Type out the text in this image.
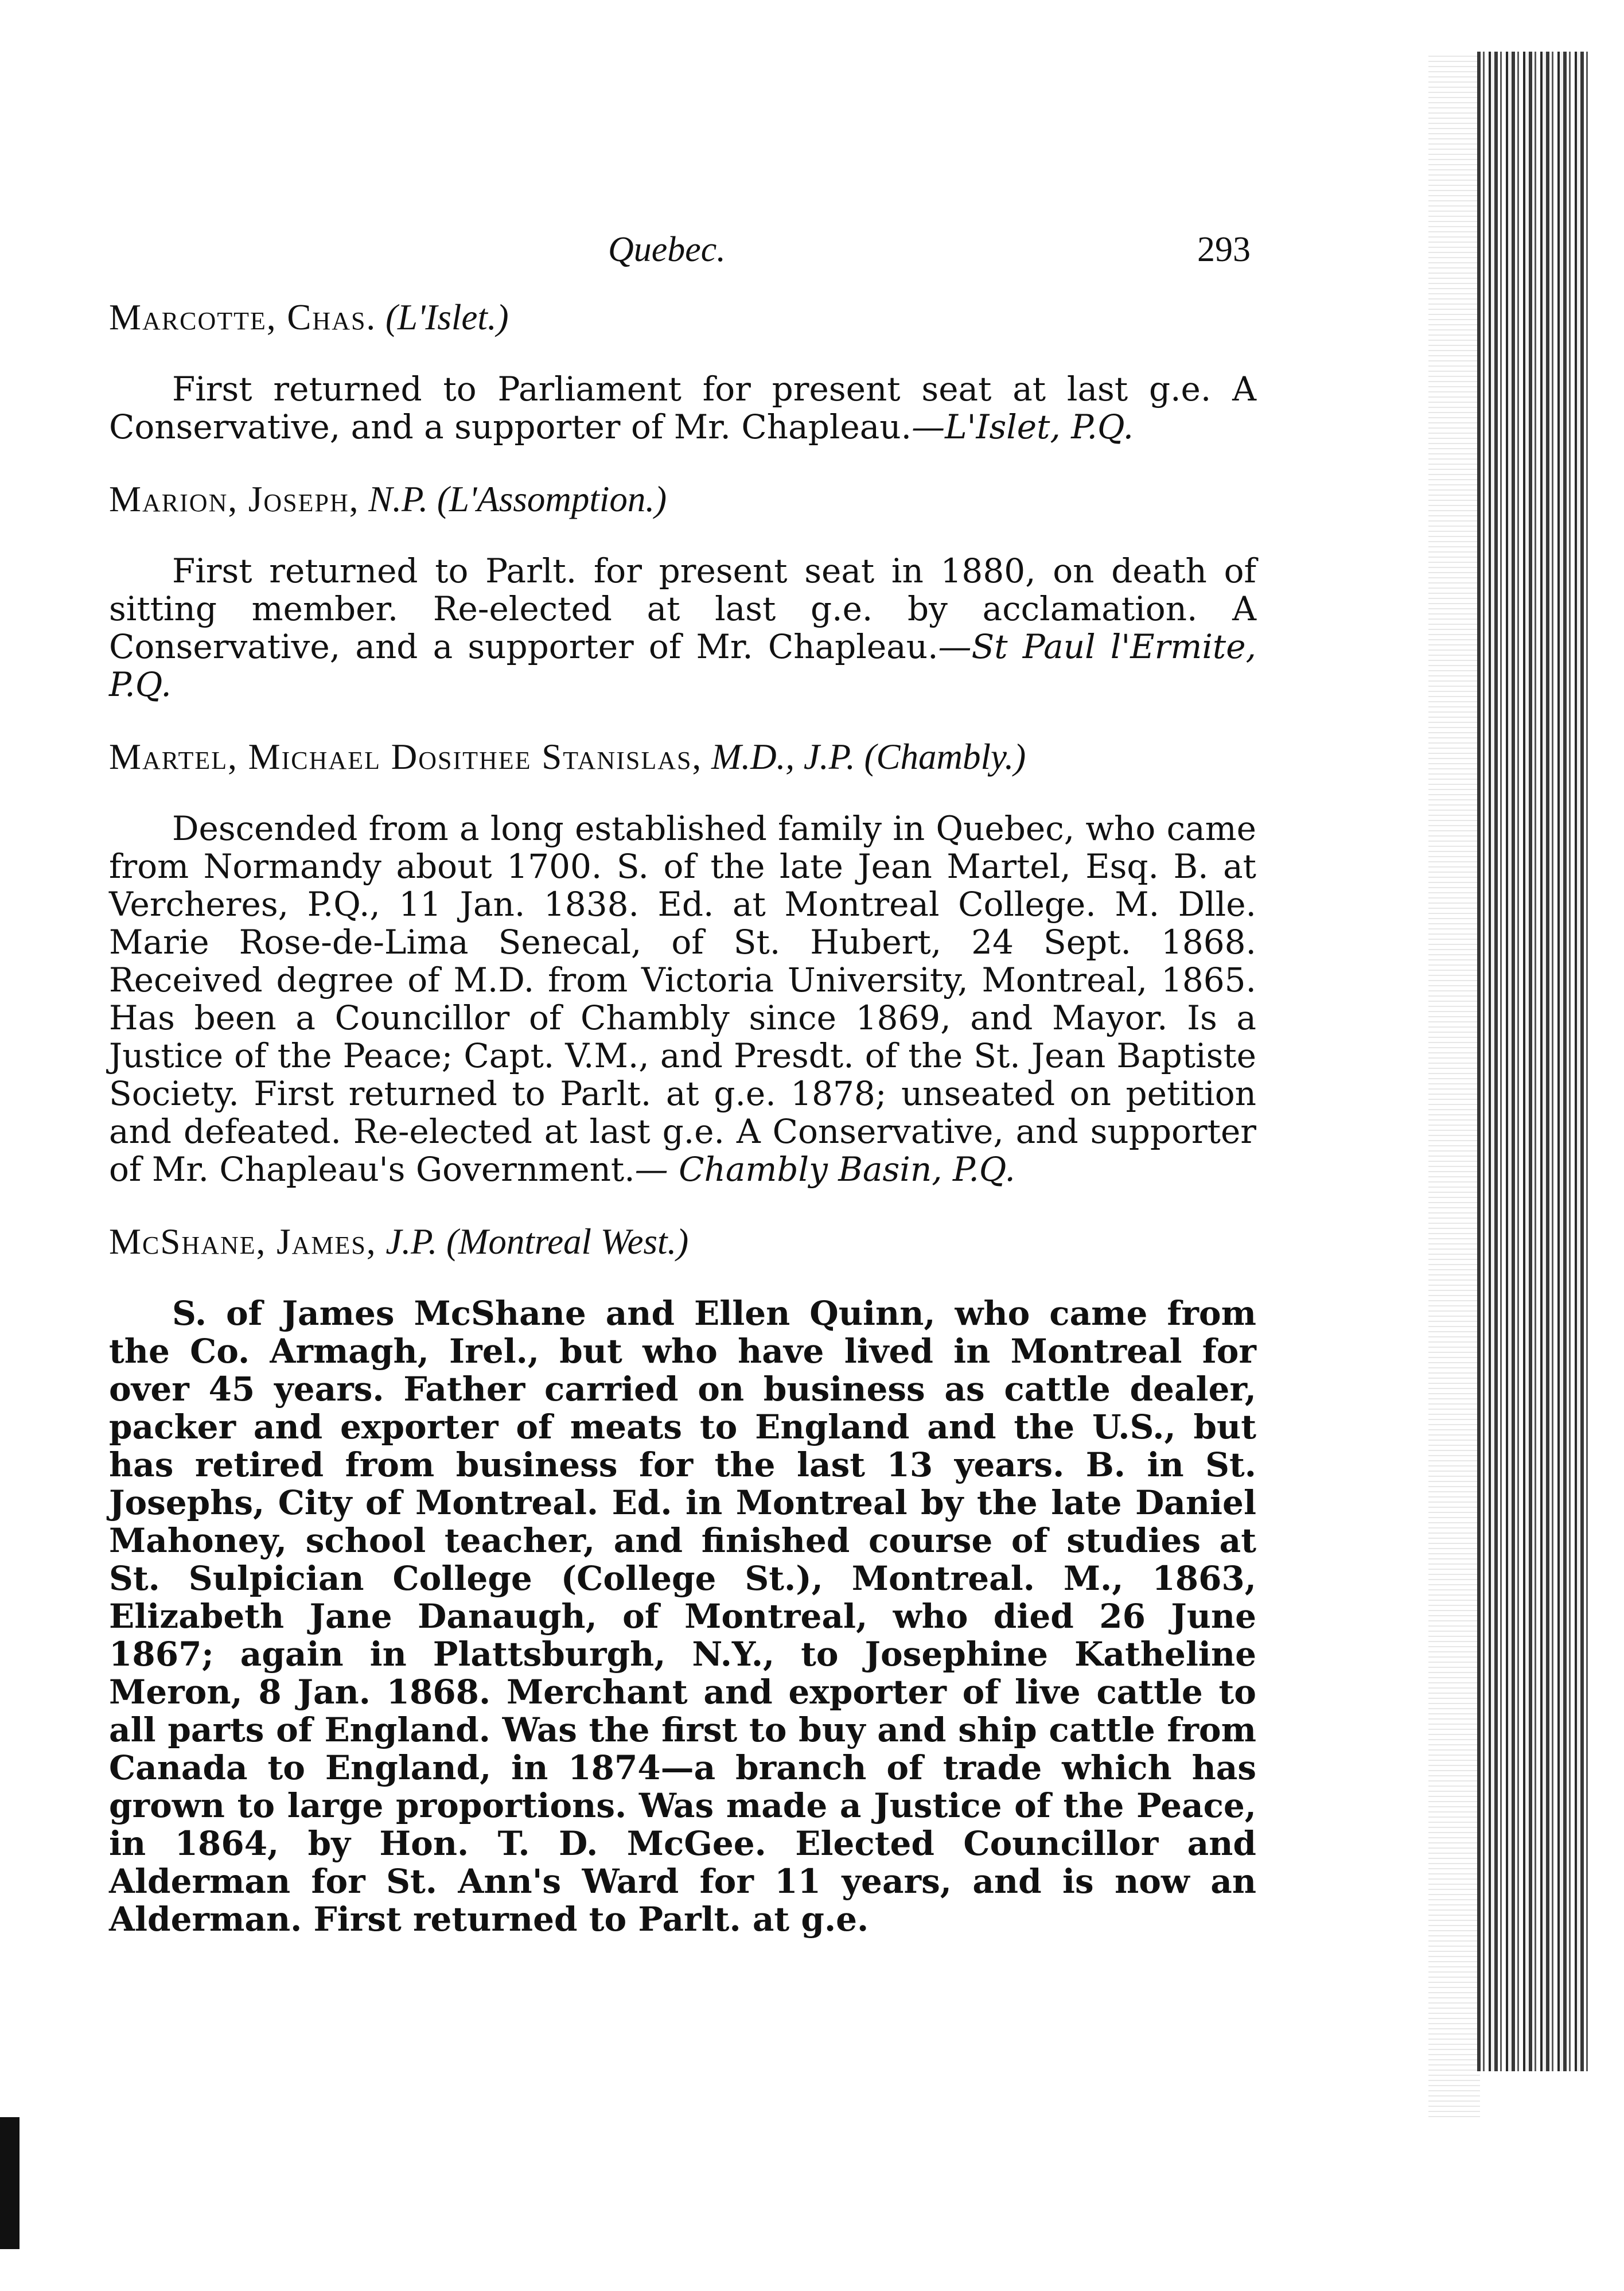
Quebec.	293

Marcotte, Chas. (L'Islet.)

First returned to Parliament for present seat at last g.e. A Conservative, and a supporter of Mr. Chapleau.—L'Islet, P.Q.

Marion, Joseph, N.P. (L'Assomption.)

First returned to Parlt. for present seat in 1880, on death of sitting member. Re-elected at last g.e. by acclamation. A Conservative, and a supporter of Mr. Chapleau.—St Paul l'Ermite, P.Q.

Martel, Michael Dosithee Stanislas, M.D., J.P. (Chambly.)

Descended from a long established family in Quebec, who came from Normandy about 1700. S. of the late Jean Martel, Esq. B. at Vercheres, P.Q., 11 Jan. 1838. Ed. at Montreal College. M. Dlle. Marie Rose-de-Lima Senecal, of St. Hubert, 24 Sept. 1868. Received degree of M.D. from Victoria University, Montreal, 1865. Has been a Councillor of Chambly since 1869, and Mayor. Is a Justice of the Peace; Capt. V.M., and Presdt. of the St. Jean Baptiste Society. First returned to Parlt. at g.e. 1878; unseated on petition and defeated. Re-elected at last g.e. A Conservative, and supporter of Mr. Chapleau's Government.— Chambly Basin, P.Q.

McShane, James, J.P. (Montreal West.)

S. of James McShane and Ellen Quinn, who came from the Co. Armagh, Irel., but who have lived in Montreal for over 45 years. Father carried on business as cattle dealer, packer and exporter of meats to England and the U.S., but has retired from business for the last 13 years. B. in St. Josephs, City of Montreal. Ed. in Montreal by the late Daniel Mahoney, school teacher, and finished course of studies at St. Sulpician College (College St.), Montreal. M., 1863, Elizabeth Jane Danaugh, of Montreal, who died 26 June 1867; again in Plattsburgh, N.Y., to Josephine Katheline Meron, 8 Jan. 1868. Merchant and exporter of live cattle to all parts of England. Was the first to buy and ship cattle from Canada to England, in 1874—a branch of trade which has grown to large proportions. Was made a Justice of the Peace, in 1864, by Hon. T. D. McGee. Elected Councillor and Alderman for St. Ann's Ward for 11 years, and is now an Alderman. First returned to Parlt. at g.e.
